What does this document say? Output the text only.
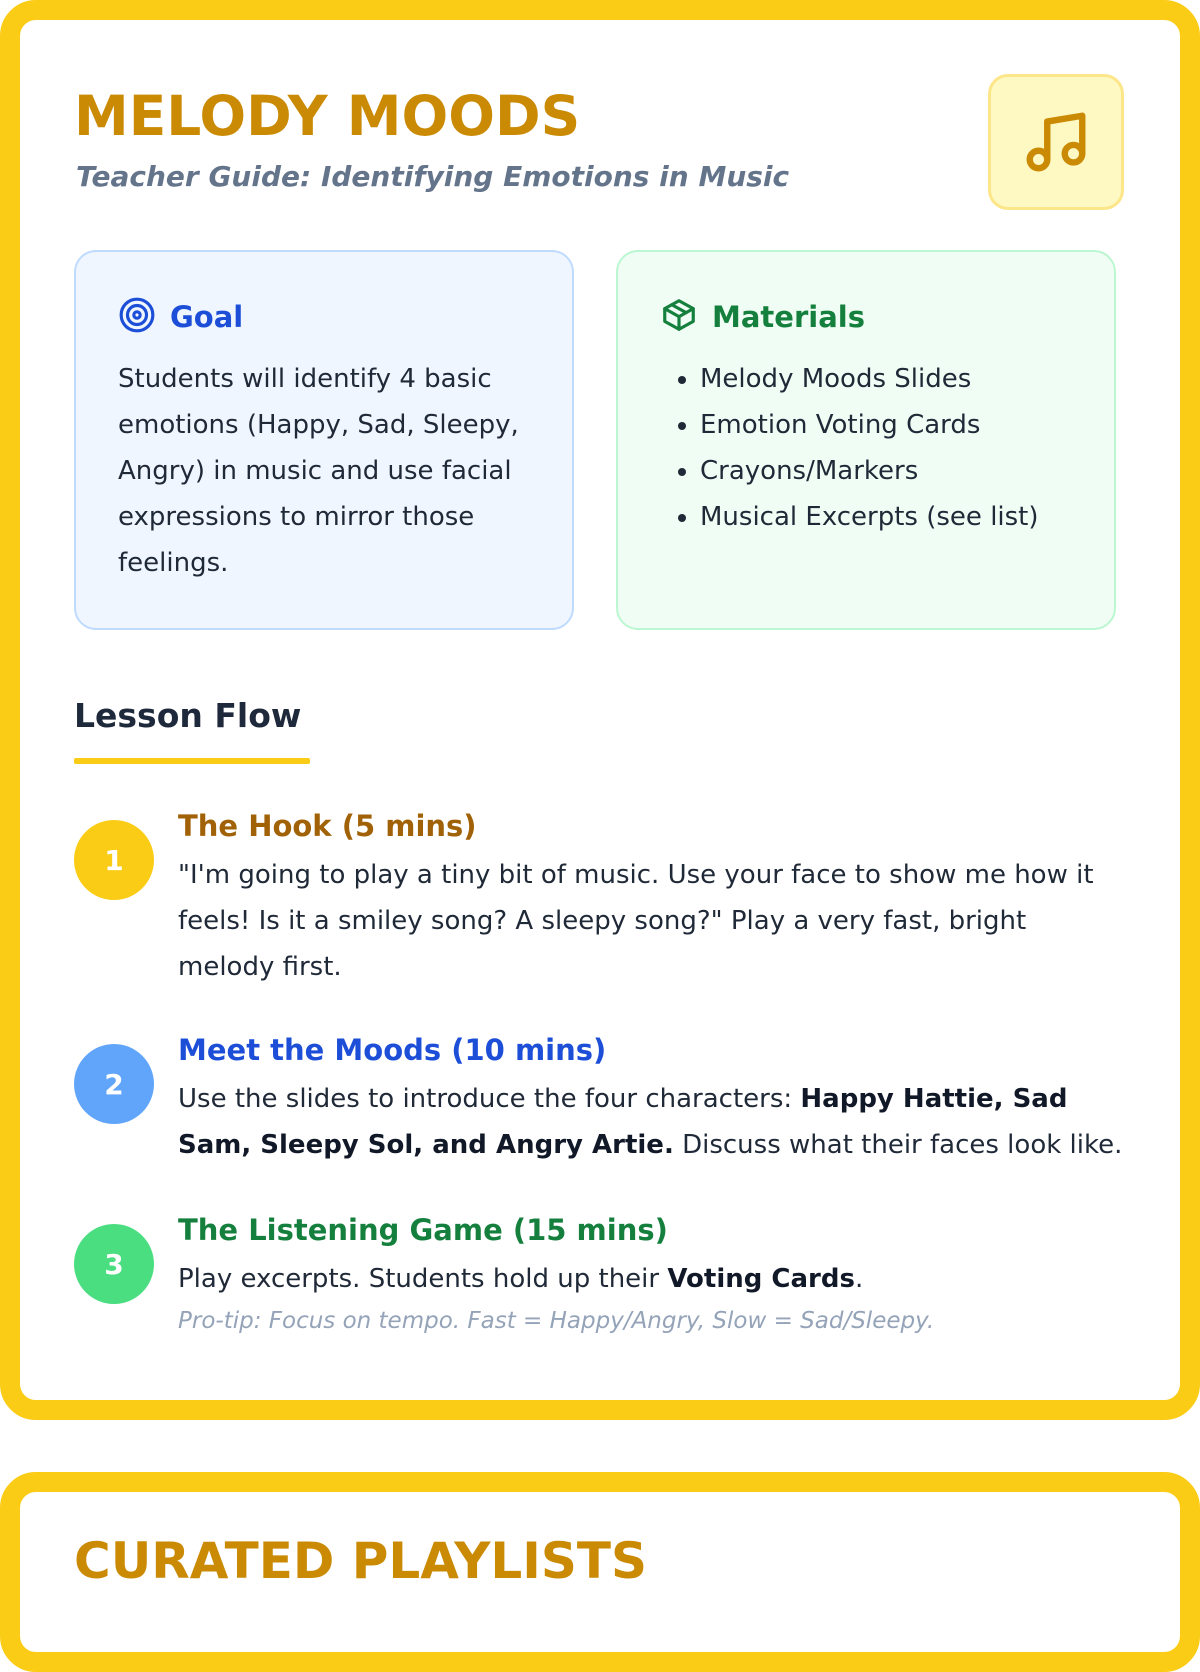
MELODY MOODS

Teacher Guide: Identifying Emotions in Music

Goal

Students will identify 4 basic emotions (Happy, Sad, Sleepy, Angry) in music and use facial expressions to mirror those feelings.

Materials
• Melody Moods Slides
• Emotion Voting Cards
• Crayons/Markers
• Musical Excerpts (see list)
Lesson Flow
1
The Hook (5 mins)

"I'm going to play a tiny bit of music. Use your face to show me how it feels! Is it a smiley song? A sleepy song?" Play a very fast, bright melody first.

2
Meet the Moods (10 mins)

Use the slides to introduce the four characters: Happy Hattie, Sad Sam, Sleepy Sol, and Angry Artie. Discuss what their faces look like.

3
The Listening Game (15 mins)

Play excerpts. Students hold up their Voting Cards.

Pro-tip: Focus on tempo. Fast = Happy/Angry, Slow = Sad/Sleepy.

CURATED PLAYLISTS
